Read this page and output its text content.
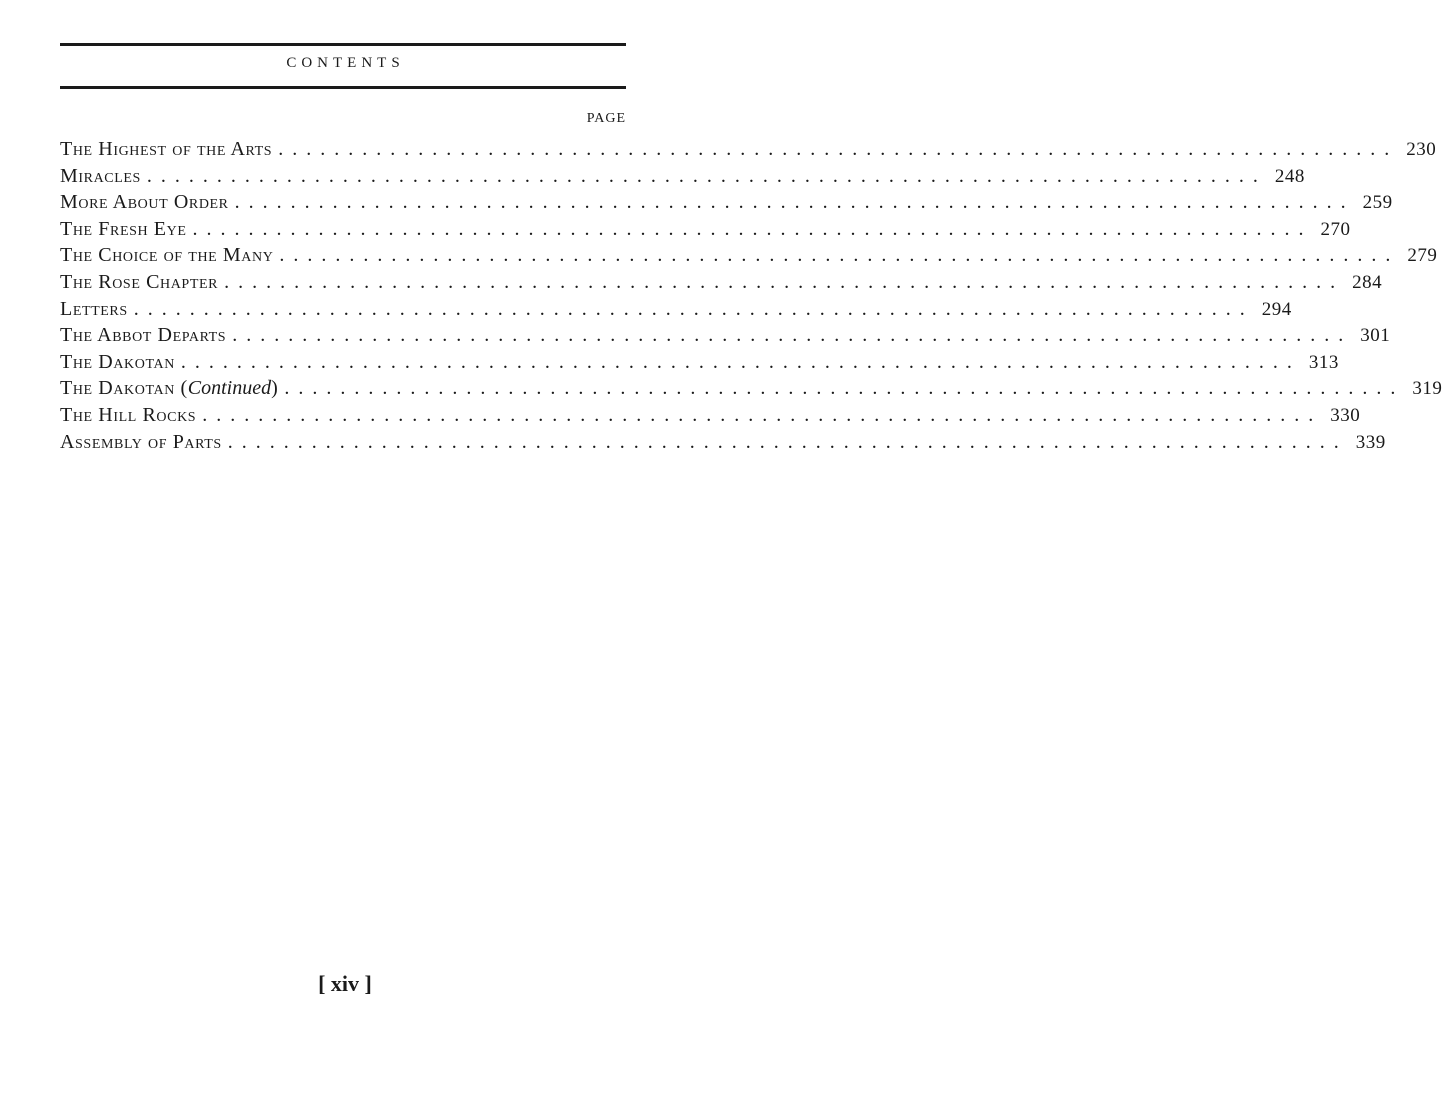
CONTENTS
PAGE
The Highest of the Arts ................................................................................ 230
Miracles ................................................................................ 248
More About Order ................................................................................ 259
The Fresh Eye ................................................................................ 270
The Choice of the Many ................................................................................ 279
The Rose Chapter ................................................................................ 284
Letters ................................................................................ 294
The Abbot Departs ................................................................................ 301
The Dakotan ................................................................................ 313
The Dakotan (Continued) ................................................................................ 319
The Hill Rocks ................................................................................ 330
Assembly of Parts ................................................................................ 339
[ xiv ]
